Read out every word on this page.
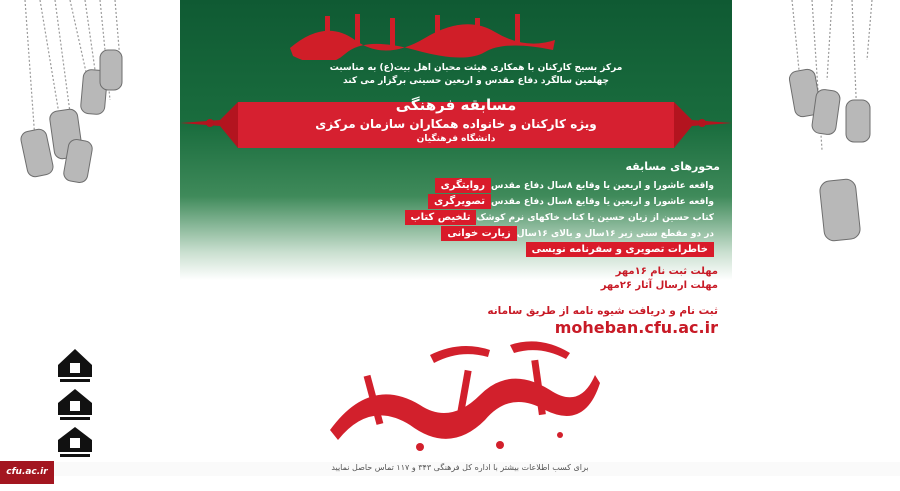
مرکز بسیج کارکنان با همکاری هیئت محبان اهل بیت(ع) به مناسبت
چهلمین سالگرد دفاع مقدس و اربعین حسینی برگزار می کند
مسابقه فرهنگی
ویژه کارکنان و خانواده همکاران سازمان مرکزی
دانشگاه فرهنگیان
محورهای مسابقه
روایتگری واقعه عاشورا و اربعین یا وقایع ۸سال دفاع مقدس
تصویرگری واقعه عاشورا و اربعین یا وقایع ۸سال دفاع مقدس
تلخیص کتاب کتاب حسین از زبان حسین یا کتاب خاکهای نرم کوشک
زیارت خوانی در دو مقطع سنی زیر ۱۶سال و بالای ۱۶سال
خاطرات تصویری و سفرنامه نویسی
مهلت ثبت نام ۱۶مهر
مهلت ارسال آثار ۲۶مهر
ثبت نام و دریافت شیوه نامه از طریق سامانه
moheban.cfu.ac.ir
cfu.ac.ir	برای کسب اطلاعات بیشتر با اداره کل فرهنگی ۳۴۳ و ۱۱۷ تماس حاصل نمایید
